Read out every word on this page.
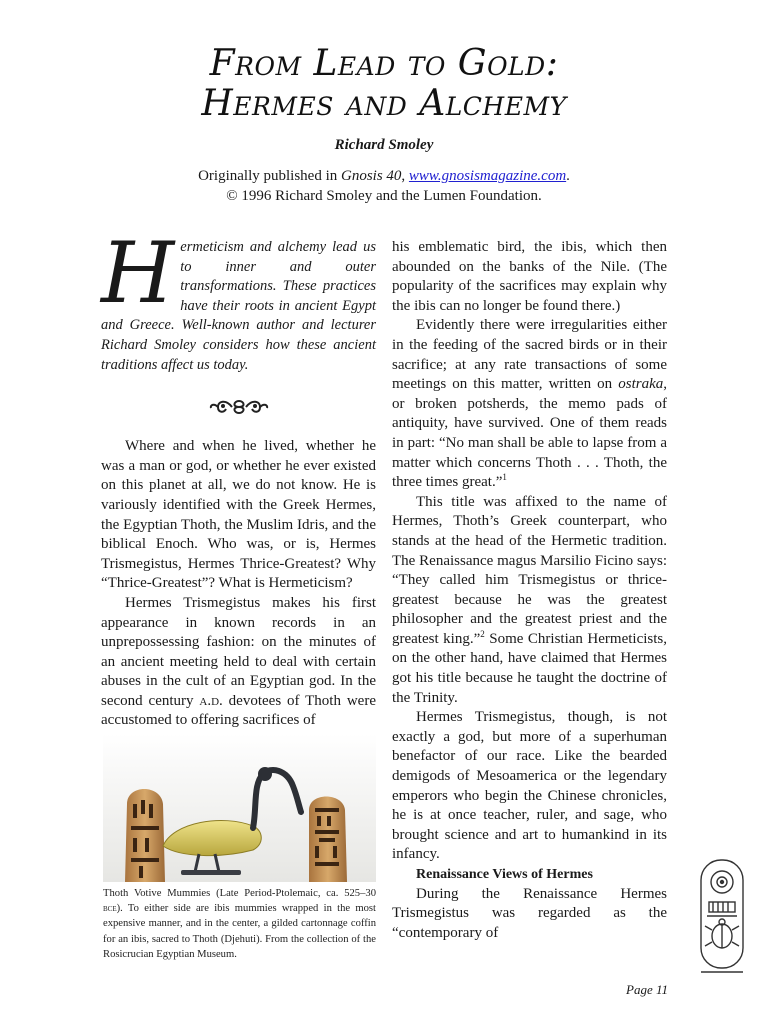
From Lead to Gold:
Hermes and Alchemy
Richard Smoley
Originally published in Gnosis 40, www.gnosismagazine.com.
© 1996 Richard Smoley and the Lumen Foundation.

Hermeticism and alchemy lead us to inner and outer transformations. These practices have their roots in ancient Egypt and Greece. Well-known author and lecturer Richard Smoley considers how these ancient traditions affect us today.

Where and when he lived, whether he was a man or god, or whether he ever existed on this planet at all, we do not know. He is variously identified with the Greek Hermes, the Egyptian Thoth, the Muslim Idris, and the biblical Enoch. Who was, or is, Hermes Trismegistus, Hermes Thrice-Greatest? Why “Thrice-Greatest”? What is Hermeticism?

Hermes Trismegistus makes his first appearance in known records in an unprepossessing fashion: on the minutes of an ancient meeting held to deal with certain abuses in the cult of an Egyptian god. In the second century a.d. devotees of Thoth were accustomed to offering sacrifices of

Thoth Votive Mummies (Late Period-Ptolemaic, ca. 525–30 bce). To either side are ibis mummies wrapped in the most expensive manner, and in the center, a gilded cartonnage coffin for an ibis, sacred to Thoth (Djehuti). From the collection of the Rosicrucian Egyptian Museum.

his emblematic bird, the ibis, which then abounded on the banks of the Nile. (The popularity of the sacrifices may explain why the ibis can no longer be found there.)

Evidently there were irregularities either in the feeding of the sacred birds or in their sacrifice; at any rate transactions of some meetings on this matter, written on ostraka, or broken potsherds, the memo pads of antiquity, have survived. One of them reads in part: “No man shall be able to lapse from a matter which concerns Thoth . . . Thoth, the three times great.”$^1$

This title was affixed to the name of Hermes, Thoth’s Greek counterpart, who stands at the head of the Hermetic tradition. The Renaissance magus Marsilio Ficino says: “They called him Trismegistus or thrice-greatest because he was the greatest philosopher and the greatest priest and the greatest king.”$^2$ Some Christian Hermeticists, on the other hand, have claimed that Hermes got his title because he taught the doctrine of the Trinity.

Hermes Trismegistus, though, is not exactly a god, but more of a superhuman benefactor of our race. Like the bearded demigods of Mesoamerica or the legendary emperors who begin the Chinese chronicles, he is at once teacher, ruler, and sage, who brought science and art to humankind in its infancy.

Renaissance Views of Hermes

During the Renaissance Hermes Trismegistus was regarded as the “contemporary of

Page 11
